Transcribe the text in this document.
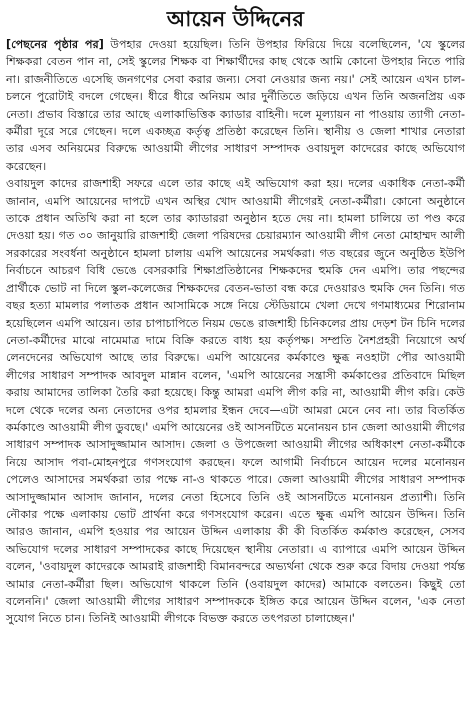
আয়েন উদ্দিনের

[পেছনের পৃষ্ঠার পর] উপহার দেওয়া হয়েছিল। তিনি উপহার ফিরিয়ে দিয়ে বলেছিলেন, 'যে স্কুলের শিক্ষকরা বেতন পান না, সেই স্কুলের শিক্ষক বা শিক্ষার্থীদের কাছ থেকে আমি কোনো উপহার নিতে পারি না। রাজনীতিতে এসেছি জনগণের সেবা করার জন্য। সেবা নেওয়ার জন্য নয়।' সেই আয়েন এখন চাল-চলনে পুরোটাই বদলে গেছেন। ধীরে ধীরে অনিয়ম আর দুর্নীতিতে জড়িয়ে এখন তিনি অজনপ্রিয় এক নেতা। প্রভাব বিস্তারে তার আছে এলাকাভিত্তিক ক্যাডার বাহিনী। দলে মূল্যায়ন না পাওয়ায় ত্যাগী নেতা-কর্মীরা দূরে সরে গেছেন। দলে একচ্ছত্র কর্তৃত্ব প্রতিষ্ঠা করেছেন তিনি। স্থানীয় ও জেলা শাখার নেতারা তার এসব অনিয়মের বিরুদ্ধে আওয়ামী লীগের সাধারণ সম্পাদক ওবায়দুল কাদেরের কাছে অভিযোগ করেছেন।

ওবায়দুল কাদের রাজশাহী সফরে এলে তার কাছে এই অভিযোগ করা হয়। দলের একাধিক নেতা-কর্মী জানান, এমপি আয়েনের দাপটে এখন অস্থির খোদ আওয়ামী লীগেরই নেতা-কর্মীরা। কোনো অনুষ্ঠানে তাকে প্রধান অতিথি করা না হলে তার ক্যাডাররা অনুষ্ঠান হতে দেয় না। হামলা চালিয়ে তা পণ্ড করে দেওয়া হয়। গত ৩০ জানুয়ারি রাজশাহী জেলা পরিষদের চেয়ারম্যান আওয়ামী লীগ নেতা মোহাম্মদ আলী সরকারের সংবর্ধনা অনুষ্ঠানে হামলা চালায় এমপি আয়েনের সমর্থকরা। গত বছরের জুনে অনুষ্ঠিত ইউপি নির্বাচনে আচরণ বিধি ভেঙে বেসরকারি শিক্ষাপ্রতিষ্ঠানের শিক্ষকদের হুমকি দেন এমপি। তার পছন্দের প্রার্থীকে ভোট না দিলে স্কুল-কলেজের শিক্ষকদের বেতন-ভাতা বন্ধ করে দেওয়ারও হুমকি দেন তিনি। গত বছর হত্যা মামলার পলাতক প্রধান আসামিকে সঙ্গে নিয়ে স্টেডিয়ামে খেলা দেখে গণমাধ্যমের শিরোনাম হয়েছিলেন এমপি আয়েন। তার চাপাচাপিতে নিয়ম ভেঙে রাজশাহী চিনিকলের প্রায় দেড়শ টন চিনি দলের নেতা-কর্মীদের মাঝে নামেমাত্র দামে বিক্রি করতে বাধ্য হয় কর্তৃপক্ষ। সম্প্রতি নৈশপ্রহরী নিয়োগে অর্থ লেনদেনের অভিযোগ আছে তার বিরুদ্ধে। এমপি আয়েনের কর্মকাণ্ডে ক্ষুব্ধ নওহাটা পৌর আওয়ামী লীগের সাধারণ সম্পাদক আবদুল মান্নান বলেন, 'এমপি আয়েনের সন্ত্রাসী কর্মকাণ্ডের প্রতিবাদে মিছিল করায় আমাদের তালিকা তৈরি করা হয়েছে। কিন্তু আমরা এমপি লীগ করি না, আওয়ামী লীগ করি। কেউ দলে থেকে দলের অন্য নেতাদের ওপর হামলার ইন্ধন দেবে—এটা আমরা মেনে নেব না। তার বিতর্কিত কর্মকাণ্ডে আওয়ামী লীগ ডুবছে।' এমপি আয়েনের ওই আসনটিতে মনোনয়ন চান জেলা আওয়ামী লীগের সাধারণ সম্পাদক আসাদুজ্জামান আসাদ। জেলা ও উপজেলা আওয়ামী লীগের অধিকাংশ নেতা-কর্মীকে নিয়ে আসাদ পবা-মোহনপুরে গণসংযোগ করছেন। ফলে আগামী নির্বাচনে আয়েন দলের মনোনয়ন পেলেও আসাদের সমর্থকরা তার পক্ষে না-ও থাকতে পারে। জেলা আওয়ামী লীগের সাধারণ সম্পাদক আসাদুজ্জামান আসাদ জানান, দলের নেতা হিসেবে তিনি ওই আসনটিতে মনোনয়ন প্রত্যাশী। তিনি নৌকার পক্ষে এলাকায় ভোট প্রার্থনা করে গণসংযোগ করেন। এতে ক্ষুব্ধ এমপি আয়েন উদ্দিন। তিনি আরও জানান, এমপি হওয়ার পর আয়েন উদ্দিন এলাকায় কী কী বিতর্কিত কর্মকাণ্ড করেছেন, সেসব অভিযোগ দলের সাধারণ সম্পাদকের কাছে দিয়েছেন স্থানীয় নেতারা। এ ব্যাপারে এমপি আয়েন উদ্দিন বলেন, 'ওবায়দুল কাদেরকে আমরাই রাজশাহী বিমানবন্দরে অভ্যর্থনা থেকে শুরু করে বিদায় দেওয়া পর্যন্ত আমার নেতা-কর্মীরা ছিল। অভিযোগ থাকলে তিনি (ওবায়দুল কাদের) আমাকে বলতেন। কিছুই তো বলেননি।' জেলা আওয়ামী লীগের সাধারণ সম্পাদককে ইঙ্গিত করে আয়েন উদ্দিন বলেন, 'এক নেতা সুযোগ নিতে চান। তিনিই আওয়ামী লীগকে বিভক্ত করতে তৎপরতা চালাচ্ছেন।'
